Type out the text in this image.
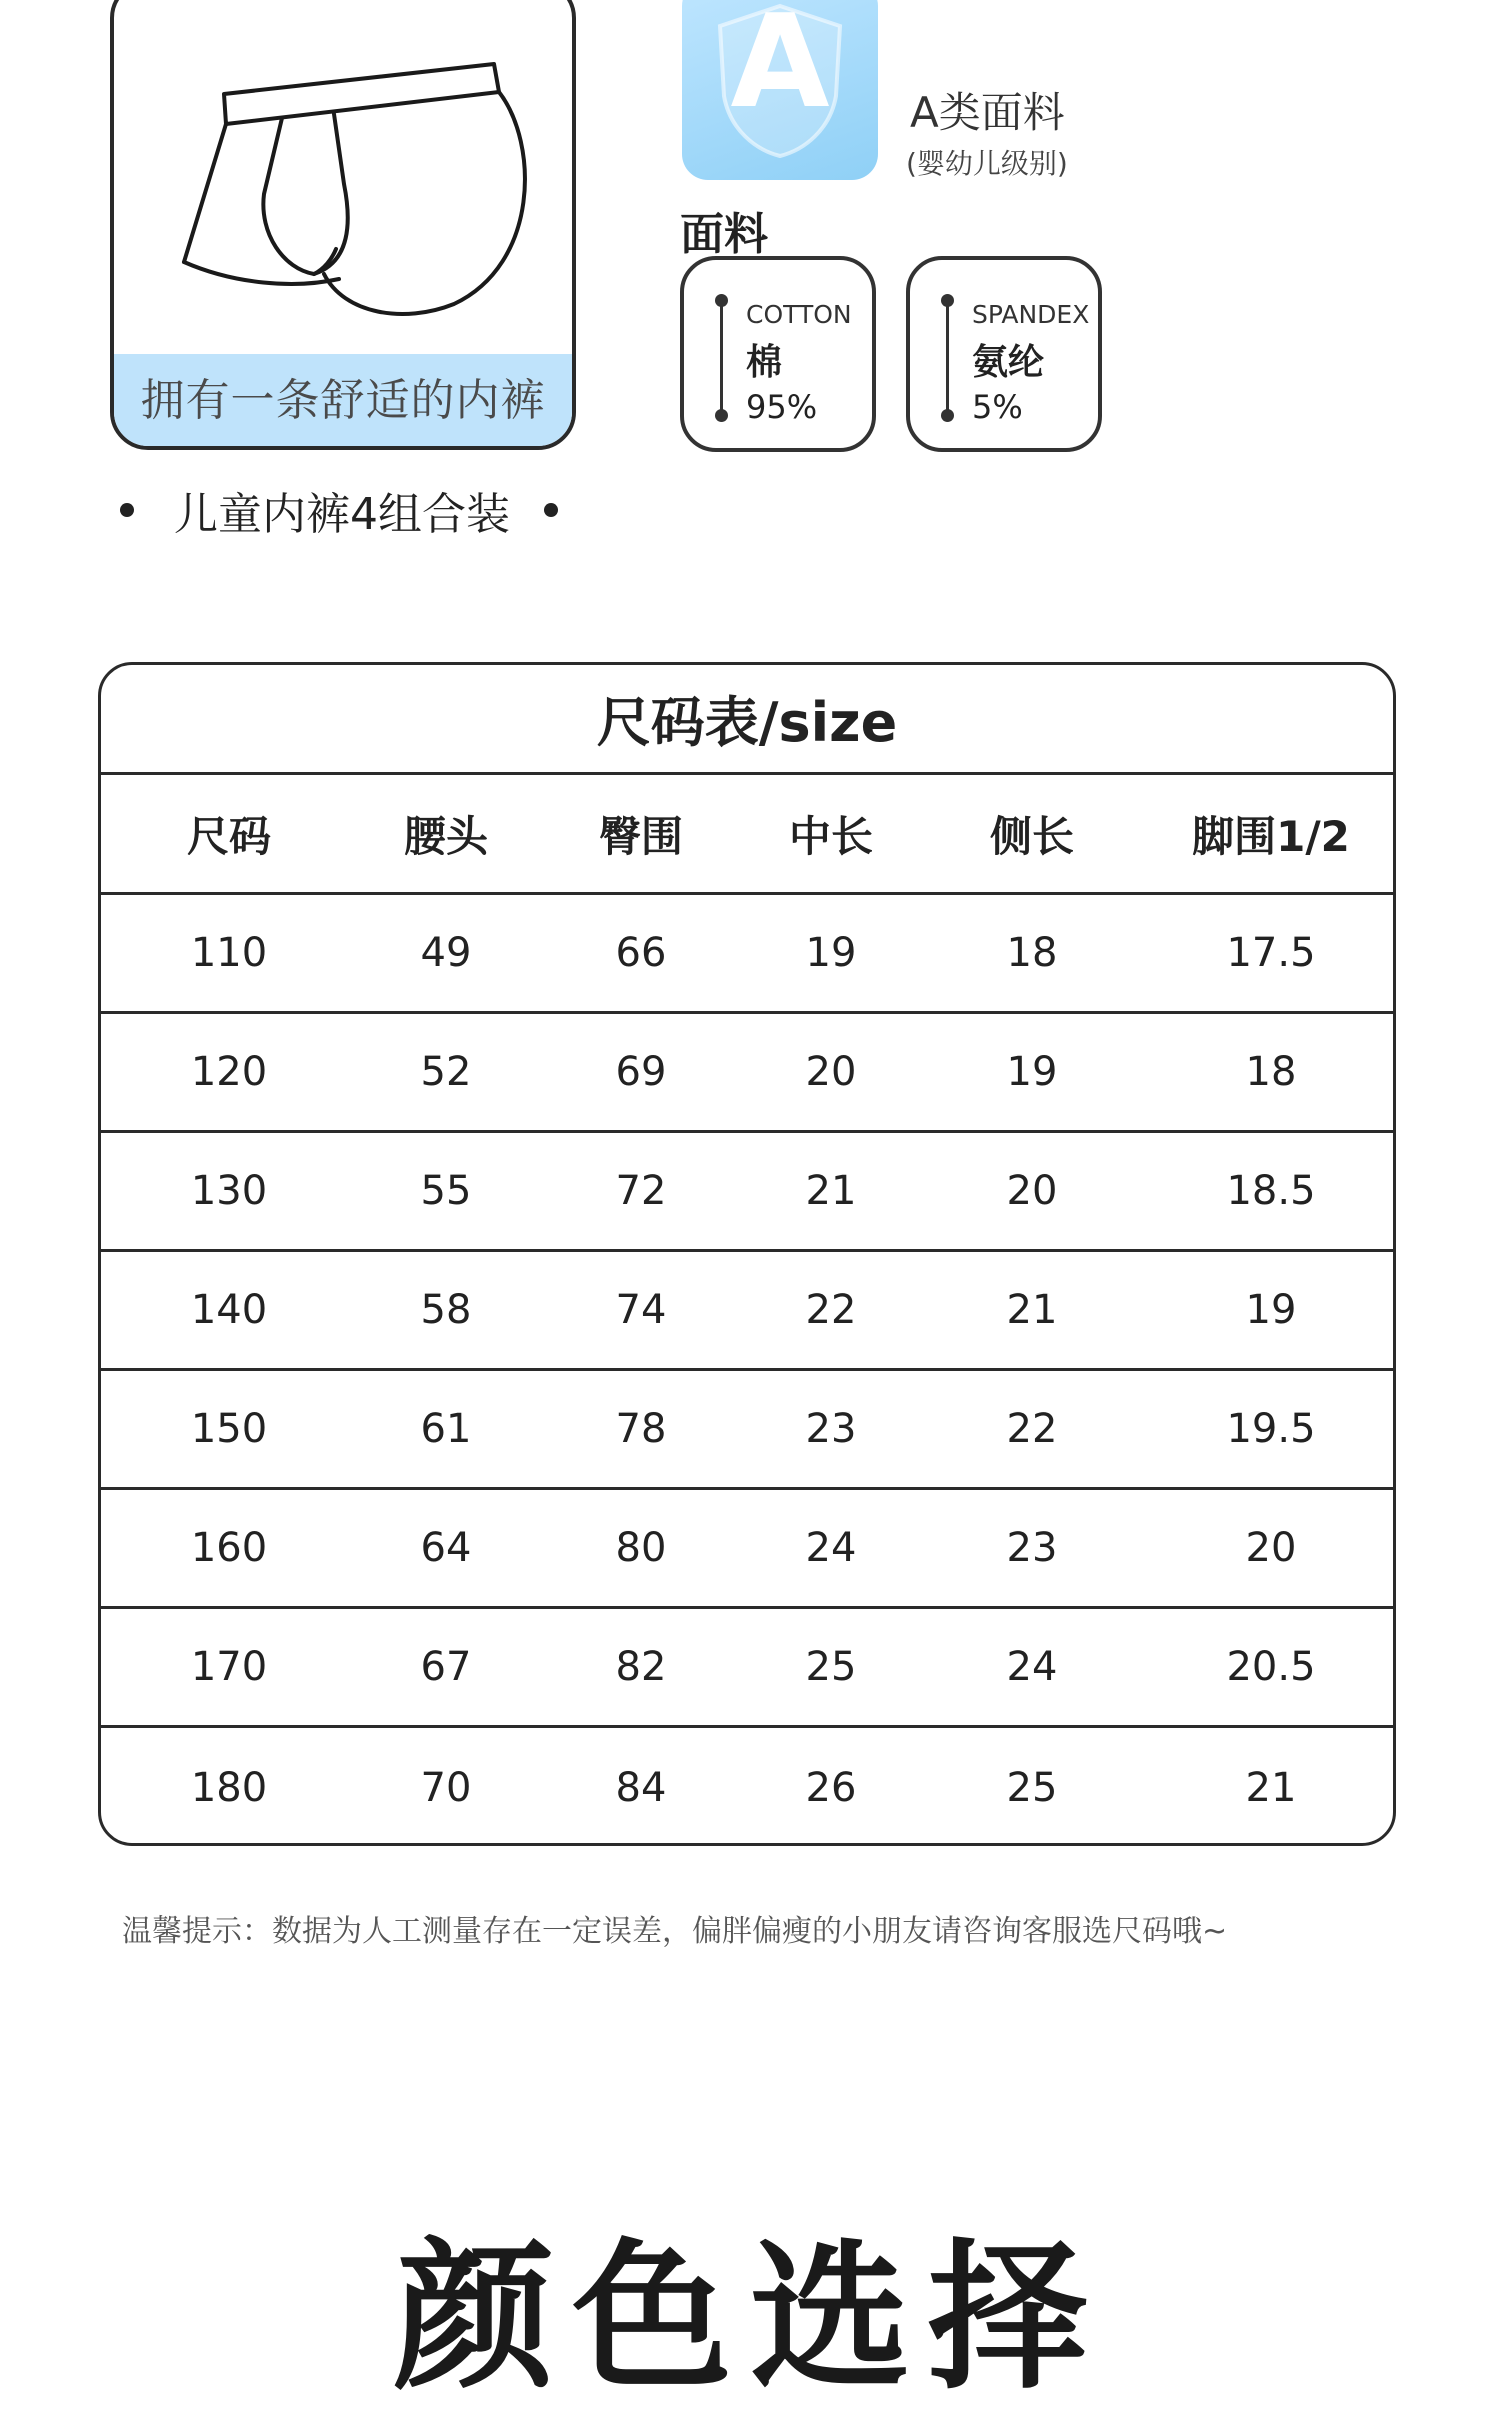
拥有一条舒适的内裤
儿童内裤4组合装
A	A类面料
(婴幼儿级别)
面料
COTTON
棉
95%
SPANDEX
氨纶
5%
尺码表/size
尺码	腰头	臀围	中长	侧长	脚围1/2
110	49	66	19	18	17.5
120	52	69	20	19	18
130	55	72	21	20	18.5
140	58	74	22	21	19
150	61	78	23	22	19.5
160	64	80	24	23	20
170	67	82	25	24	20.5
180	70	84	26	25	21
温馨提示：数据为人工测量存在一定误差，偏胖偏瘦的小朋友请咨询客服选尺码哦~
颜色选择
